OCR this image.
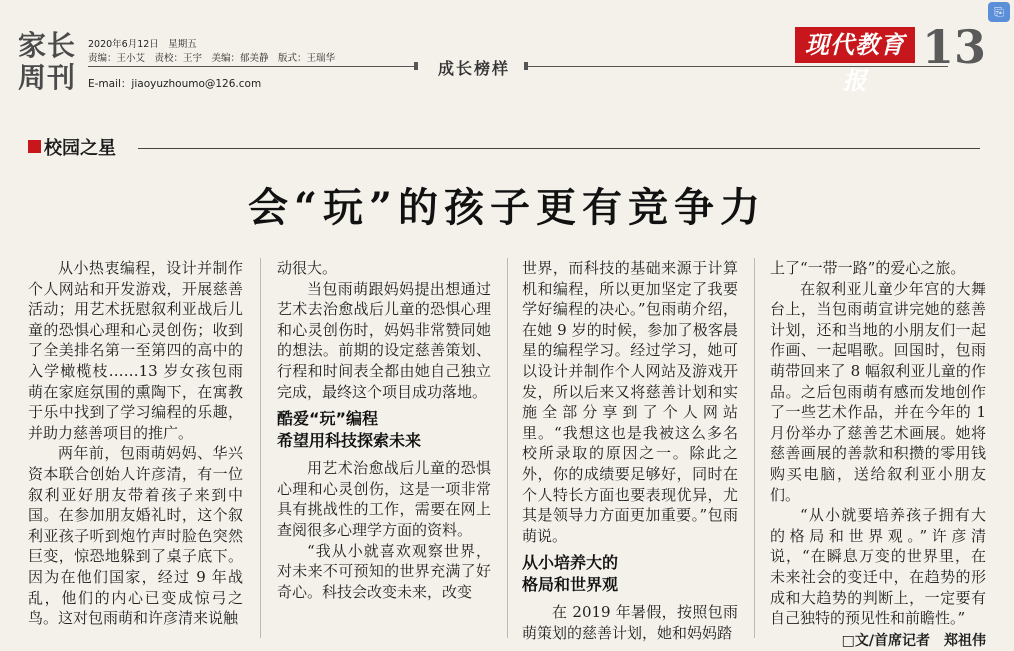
家长周刊
2020年6月12日　星期五
责编：王小艾　责校：王宇　美编：郁美静　版式：王瑞华
成长榜样
E-mail：jiaoyuzhoumo@126.com
现代教育报
13
⎘
校园之星
会“玩”的孩子更有竞争力

从小热衷编程，设计并制作个人网站和开发游戏，开展慈善活动；用艺术抚慰叙利亚战后儿童的恐惧心理和心灵创伤；收到了全美排名第一至第四的高中的入学橄榄枝……13 岁女孩包雨萌在家庭氛围的熏陶下，在寓教于乐中找到了学习编程的乐趣，并助力慈善项目的推广。

两年前，包雨萌妈妈、华兴资本联合创始人许彦清，有一位叙利亚好朋友带着孩子来到中国。在参加朋友婚礼时，这个叙利亚孩子听到炮竹声时脸色突然巨变，惊恐地躲到了桌子底下。因为在他们国家，经过 9 年战乱，他们的内心已变成惊弓之鸟。这对包雨萌和许彦清来说触

动很大。

当包雨萌跟妈妈提出想通过艺术去治愈战后儿童的恐惧心理和心灵创伤时，妈妈非常赞同她的想法。前期的设定慈善策划、行程和时间表全都由她自己独立完成，最终这个项目成功落地。

酷爱“玩”编程
希望用科技探索未来

用艺术治愈战后儿童的恐惧心理和心灵创伤，这是一项非常具有挑战性的工作，需要在网上查阅很多心理学方面的资料。

“我从小就喜欢观察世界，对未来不可预知的世界充满了好奇心。科技会改变未来，改变

世界，而科技的基础来源于计算机和编程，所以更加坚定了我要学好编程的决心。”包雨萌介绍，在她 9 岁的时候，参加了极客晨星的编程学习。经过学习，她可以设计并制作个人网站及游戏开发，所以后来又将慈善计划和实施全部分享到了个人网站里。“我想这也是我被这么多名校所录取的原因之一。除此之外，你的成绩要足够好，同时在个人特长方面也要表现优异，尤其是领导力方面更加重要。”包雨萌说。

从小培养大的
格局和世界观

在 2019 年暑假，按照包雨萌策划的慈善计划，她和妈妈踏

上了“一带一路”的爱心之旅。

在叙利亚儿童少年宫的大舞台上，当包雨萌宣讲完她的慈善计划，还和当地的小朋友们一起作画、一起唱歌。回国时，包雨萌带回来了 8 幅叙利亚儿童的作品。之后包雨萌有感而发地创作了一些艺术作品，并在今年的 1 月份举办了慈善艺术画展。她将慈善画展的善款和积攒的零用钱购买电脑，送给叙利亚小朋友们。

“从小就要培养孩子拥有大的格局和世界观。”许彦清说，“在瞬息万变的世界里，在未来社会的变迁中，在趋势的形成和大趋势的判断上，一定要有自己独特的预见性和前瞻性。”

□文/首席记者　郑祖伟
